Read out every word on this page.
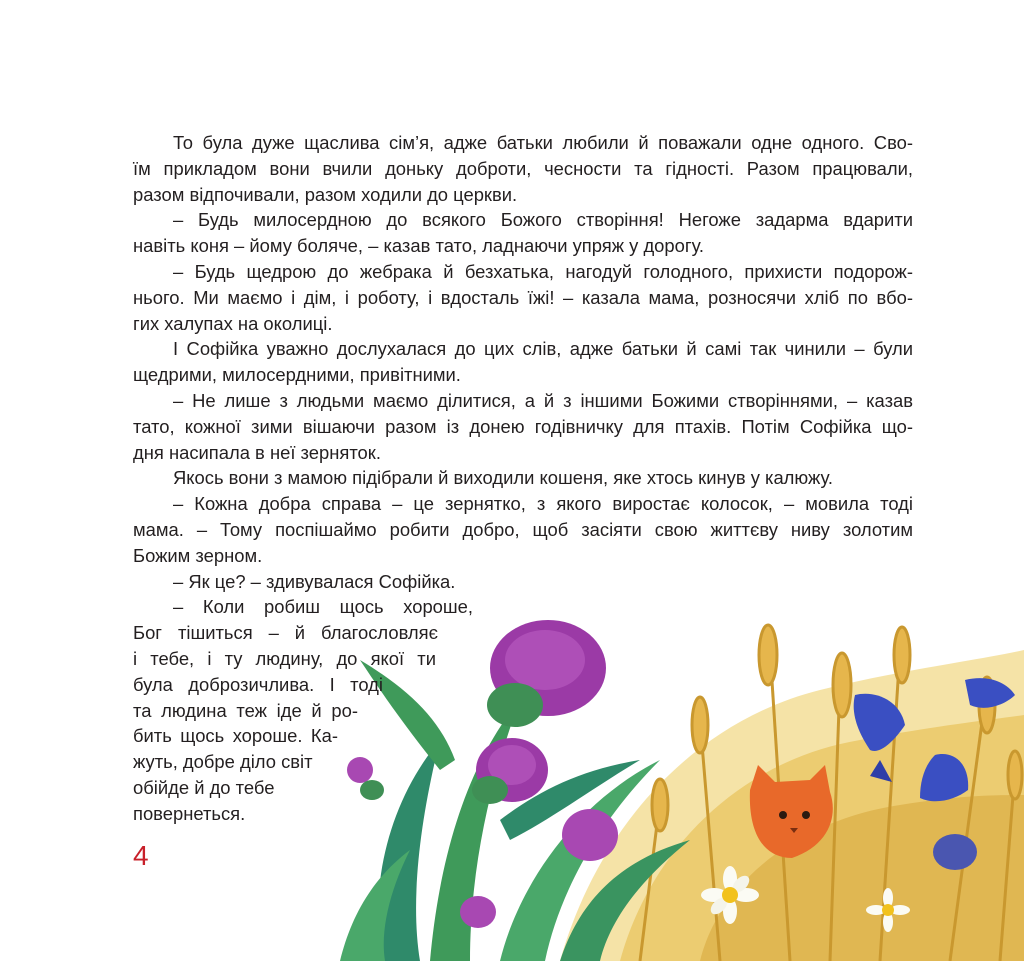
То була дуже щаслива сім’я, адже батьки любили й поважали одне одного. Сво-
їм прикладом вони вчили доньку доброти, чесности та гідності. Разом працювали,
разом відпочивали, разом ходили до церкви.
– Будь милосердною до всякого Божого створіння! Негоже задарма вдарити
навіть коня – йому боляче, – казав тато, ладнаючи упряж у дорогу.
– Будь щедрою до жебрака й безхатька, нагодуй голодного, прихисти подорож-
нього. Ми маємо і дім, і роботу, і вдосталь їжі! – казала мама, розносячи хліб по вбо-
гих халупах на околиці.
І Софійка уважно дослухалася до цих слів, адже батьки й самі так чинили – були
щедрими, милосердними, привітними.
– Не лише з людьми маємо ділитися, а й з іншими Божими створіннями, – казав
тато, кожної зими вішаючи разом із донею годівничку для птахів. Потім Софійка що-
дня насипала в неї зерняток.
Якось вони з мамою підібрали й виходили кошеня, яке хтось кинув у калюжу.
– Кожна добра справа – це зернятко, з якого виростає колосок, – мовила тоді
мама. – Тому поспішаймо робити добро, щоб засіяти свою життєву ниву золотим
Божим зерном.
– Як це? – здивувалася Софійка.
– Коли робиш щось хороше,
Бог тішиться – й благословляє
і тебе, і ту людину, до якої ти
була доброзичлива. І тоді
та людина теж іде й ро-
бить щось хороше. Ка-
жуть, добре діло світ
обійде й до тебе
повернеться.
4
